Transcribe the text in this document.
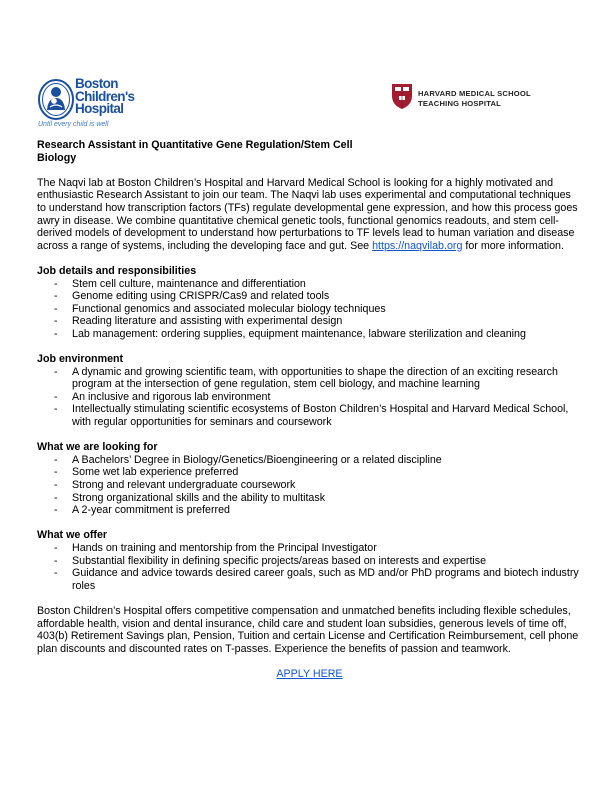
Boston
Children's
Hospital
Until every child is well
HARVARD MEDICAL SCHOOL
TEACHING HOSPITAL
Research Assistant in Quantitative Gene Regulation/Stem Cell
Biology

The Naqvi lab at Boston Children’s Hospital and Harvard Medical School is looking for a highly motivated and enthusiastic Research Assistant to join our team. The Naqvi lab uses experimental and computational techniques to understand how transcription factors (TFs) regulate developmental gene expression, and how this process goes awry in disease. We combine quantitative chemical genetic tools, functional genomics readouts, and stem cell-derived models of development to understand how perturbations to TF levels lead to human variation and disease across a range of systems, including the developing face and gut. See https://naqvilab.org for more information.

Job details and responsibilities
- Stem cell culture, maintenance and differentiation
- Genome editing using CRISPR/Cas9 and related tools
- Functional genomics and associated molecular biology techniques
- Reading literature and assisting with experimental design
- Lab management: ordering supplies, equipment maintenance, labware sterilization and cleaning
Job environment
- A dynamic and growing scientific team, with opportunities to shape the direction of an exciting research program at the intersection of gene regulation, stem cell biology, and machine learning
- An inclusive and rigorous lab environment
- Intellectually stimulating scientific ecosystems of Boston Children’s Hospital and Harvard Medical School, with regular opportunities for seminars and coursework
What we are looking for
- A Bachelors’ Degree in Biology/Genetics/Bioengineering or a related discipline
- Some wet lab experience preferred
- Strong and relevant undergraduate coursework
- Strong organizational skills and the ability to multitask
- A 2-year commitment is preferred
What we offer
- Hands on training and mentorship from the Principal Investigator
- Substantial flexibility in defining specific projects/areas based on interests and expertise
- Guidance and advice towards desired career goals, such as MD and/or PhD programs and biotech industry roles

Boston Children’s Hospital offers competitive compensation and unmatched benefits including flexible schedules, affordable health, vision and dental insurance, child care and student loan subsidies, generous levels of time off, 403(b) Retirement Savings plan, Pension, Tuition and certain License and Certification Reimbursement, cell phone plan discounts and discounted rates on T-passes. Experience the benefits of passion and teamwork.

APPLY HERE
